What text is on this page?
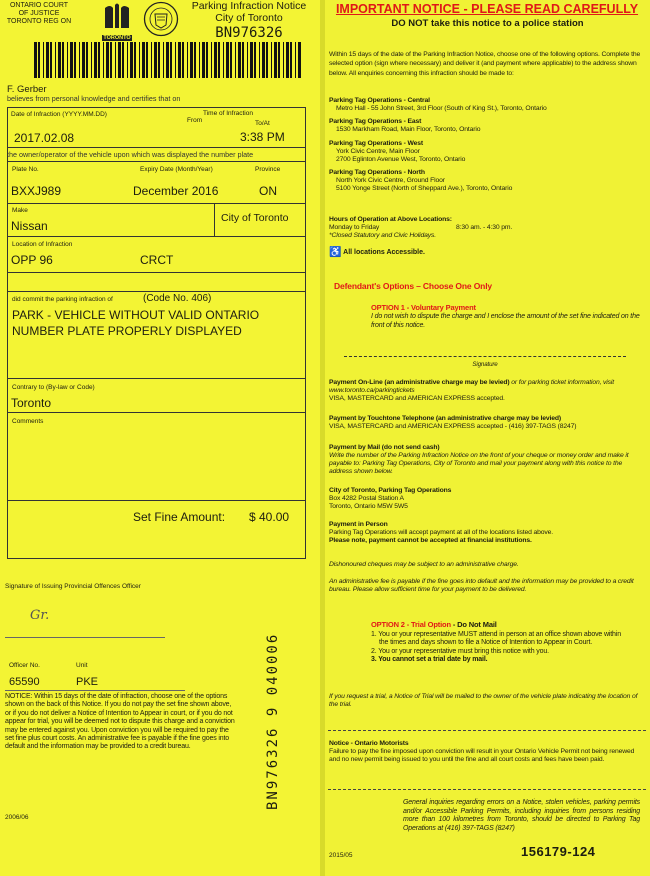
ONTARIO COURT
OF JUSTICE
TORONTO REG ON
TORONTO
Parking Infraction Notice
City of Toronto
BN976326
F. Gerber
believes from personal knowledge and certifies that on
Date of Infraction (YYYY.MM.DD)	Time of Infraction
From	To/At
2017.02.08	3:38 PM
the owner/operator of the vehicle upon which was displayed the number plate
Plate No.	Expiry Date (Month/Year)	Province
BXXJ989	December 2016	ON
Make
Nissan
City of Toronto
Location of Infraction
OPP 96	CRCT
did commit the parking infraction of	(Code No. 406)
PARK - VEHICLE WITHOUT VALID ONTARIO
NUMBER PLATE PROPERLY DISPLAYED
Contrary to (By-law or Code)
Toronto
Comments
Set Fine Amount: $ 40.00
Signature of Issuing Provincial Offences Officer
Gr.
Officer No.	Unit
65590	PKE
NOTICE: Within 15 days of the date of infraction, choose one of the options shown on the back of this Notice. If you do not pay the set fine shown above, or if you do not deliver a Notice of Intention to Appear in court, or if you do not appear for trial, you will be deemed not to dispute this charge and a conviction may be entered against you. Upon conviction you will be required to pay the set fine plus court costs. An administrative fee is payable if the fine goes into default and the information may be provided to a credit bureau.	BN976326 9 040006
2006/06
IMPORTANT NOTICE - PLEASE READ CAREFULLY
DO NOT take this notice to a police station
Within 15 days of the date of the Parking Infraction Notice, choose one of the following options. Complete the selected option (sign where necessary) and deliver it (and payment where applicable) to the address shown below. All enquiries concerning this infraction should be made to:
Parking Tag Operations - Central
Metro Hall - 55 John Street, 3rd Floor (South of King St.), Toronto, Ontario
Parking Tag Operations - East
1530 Markham Road, Main Floor, Toronto, Ontario
Parking Tag Operations - West
York Civic Centre, Main Floor
2700 Eglinton Avenue West, Toronto, Ontario
Parking Tag Operations - North
North York Civic Centre, Ground Floor
5100 Yonge Street (North of Sheppard Ave.), Toronto, Ontario
Hours of Operation at Above Locations:
Monday to Friday	8:30 am. - 4:30 pm.
*Closed Statutory and Civic Holidays.
♿ All locations Accessible.
Defendant's Options – Choose One Only
OPTION 1 - Voluntary Payment
I do not wish to dispute the charge and I enclose the amount of the set fine indicated on the front of this notice.
Signature
Payment On-Line (an administrative charge may be levied) or for parking ticket information, visit www.toronto.ca/parkingtickets
VISA, MASTERCARD and AMERICAN EXPRESS accepted.
Payment by Touchtone Telephone (an administrative charge may be levied)
VISA, MASTERCARD and AMERICAN EXPRESS accepted - (416) 397-TAGS (8247)
Payment by Mail (do not send cash)
Write the number of the Parking Infraction Notice on the front of your cheque or money order and make it payable to: Parking Tag Operations, City of Toronto and mail your payment along with this notice to the address shown below.
City of Toronto, Parking Tag Operations
Box 4282 Postal Station A
Toronto, Ontario M5W 5W5
Payment in Person
Parking Tag Operations will accept payment at all of the locations listed above.
Please note, payment cannot be accepted at financial institutions.
Dishonoured cheques may be subject to an administrative charge.
An administrative fee is payable if the fine goes into default and the information may be provided to a credit bureau. Please allow sufficient time for your payment to be delivered.
OPTION 2 - Trial Option - Do Not Mail
1. You or your representative MUST attend in person at an office shown above within the times and days shown to file a Notice of Intention to Appear in Court.
2. You or your representative must bring this notice with you.
3. You cannot set a trial date by mail.
If you request a trial, a Notice of Trial will be mailed to the owner of the vehicle plate indicating the location of the trial.
Notice - Ontario Motorists
Failure to pay the fine imposed upon conviction will result in your Ontario Vehicle Permit not being renewed and no new permit being issued to you until the fine and all court costs and fees have been paid.
General inquiries regarding errors on a Notice, stolen vehicles, parking permits and/or Accessible Parking Permits, including inquiries from persons residing more than 100 kilometres from Toronto, should be directed to Parking Tag Operations at (416) 397-TAGS (8247)
2015/05	156179-124
